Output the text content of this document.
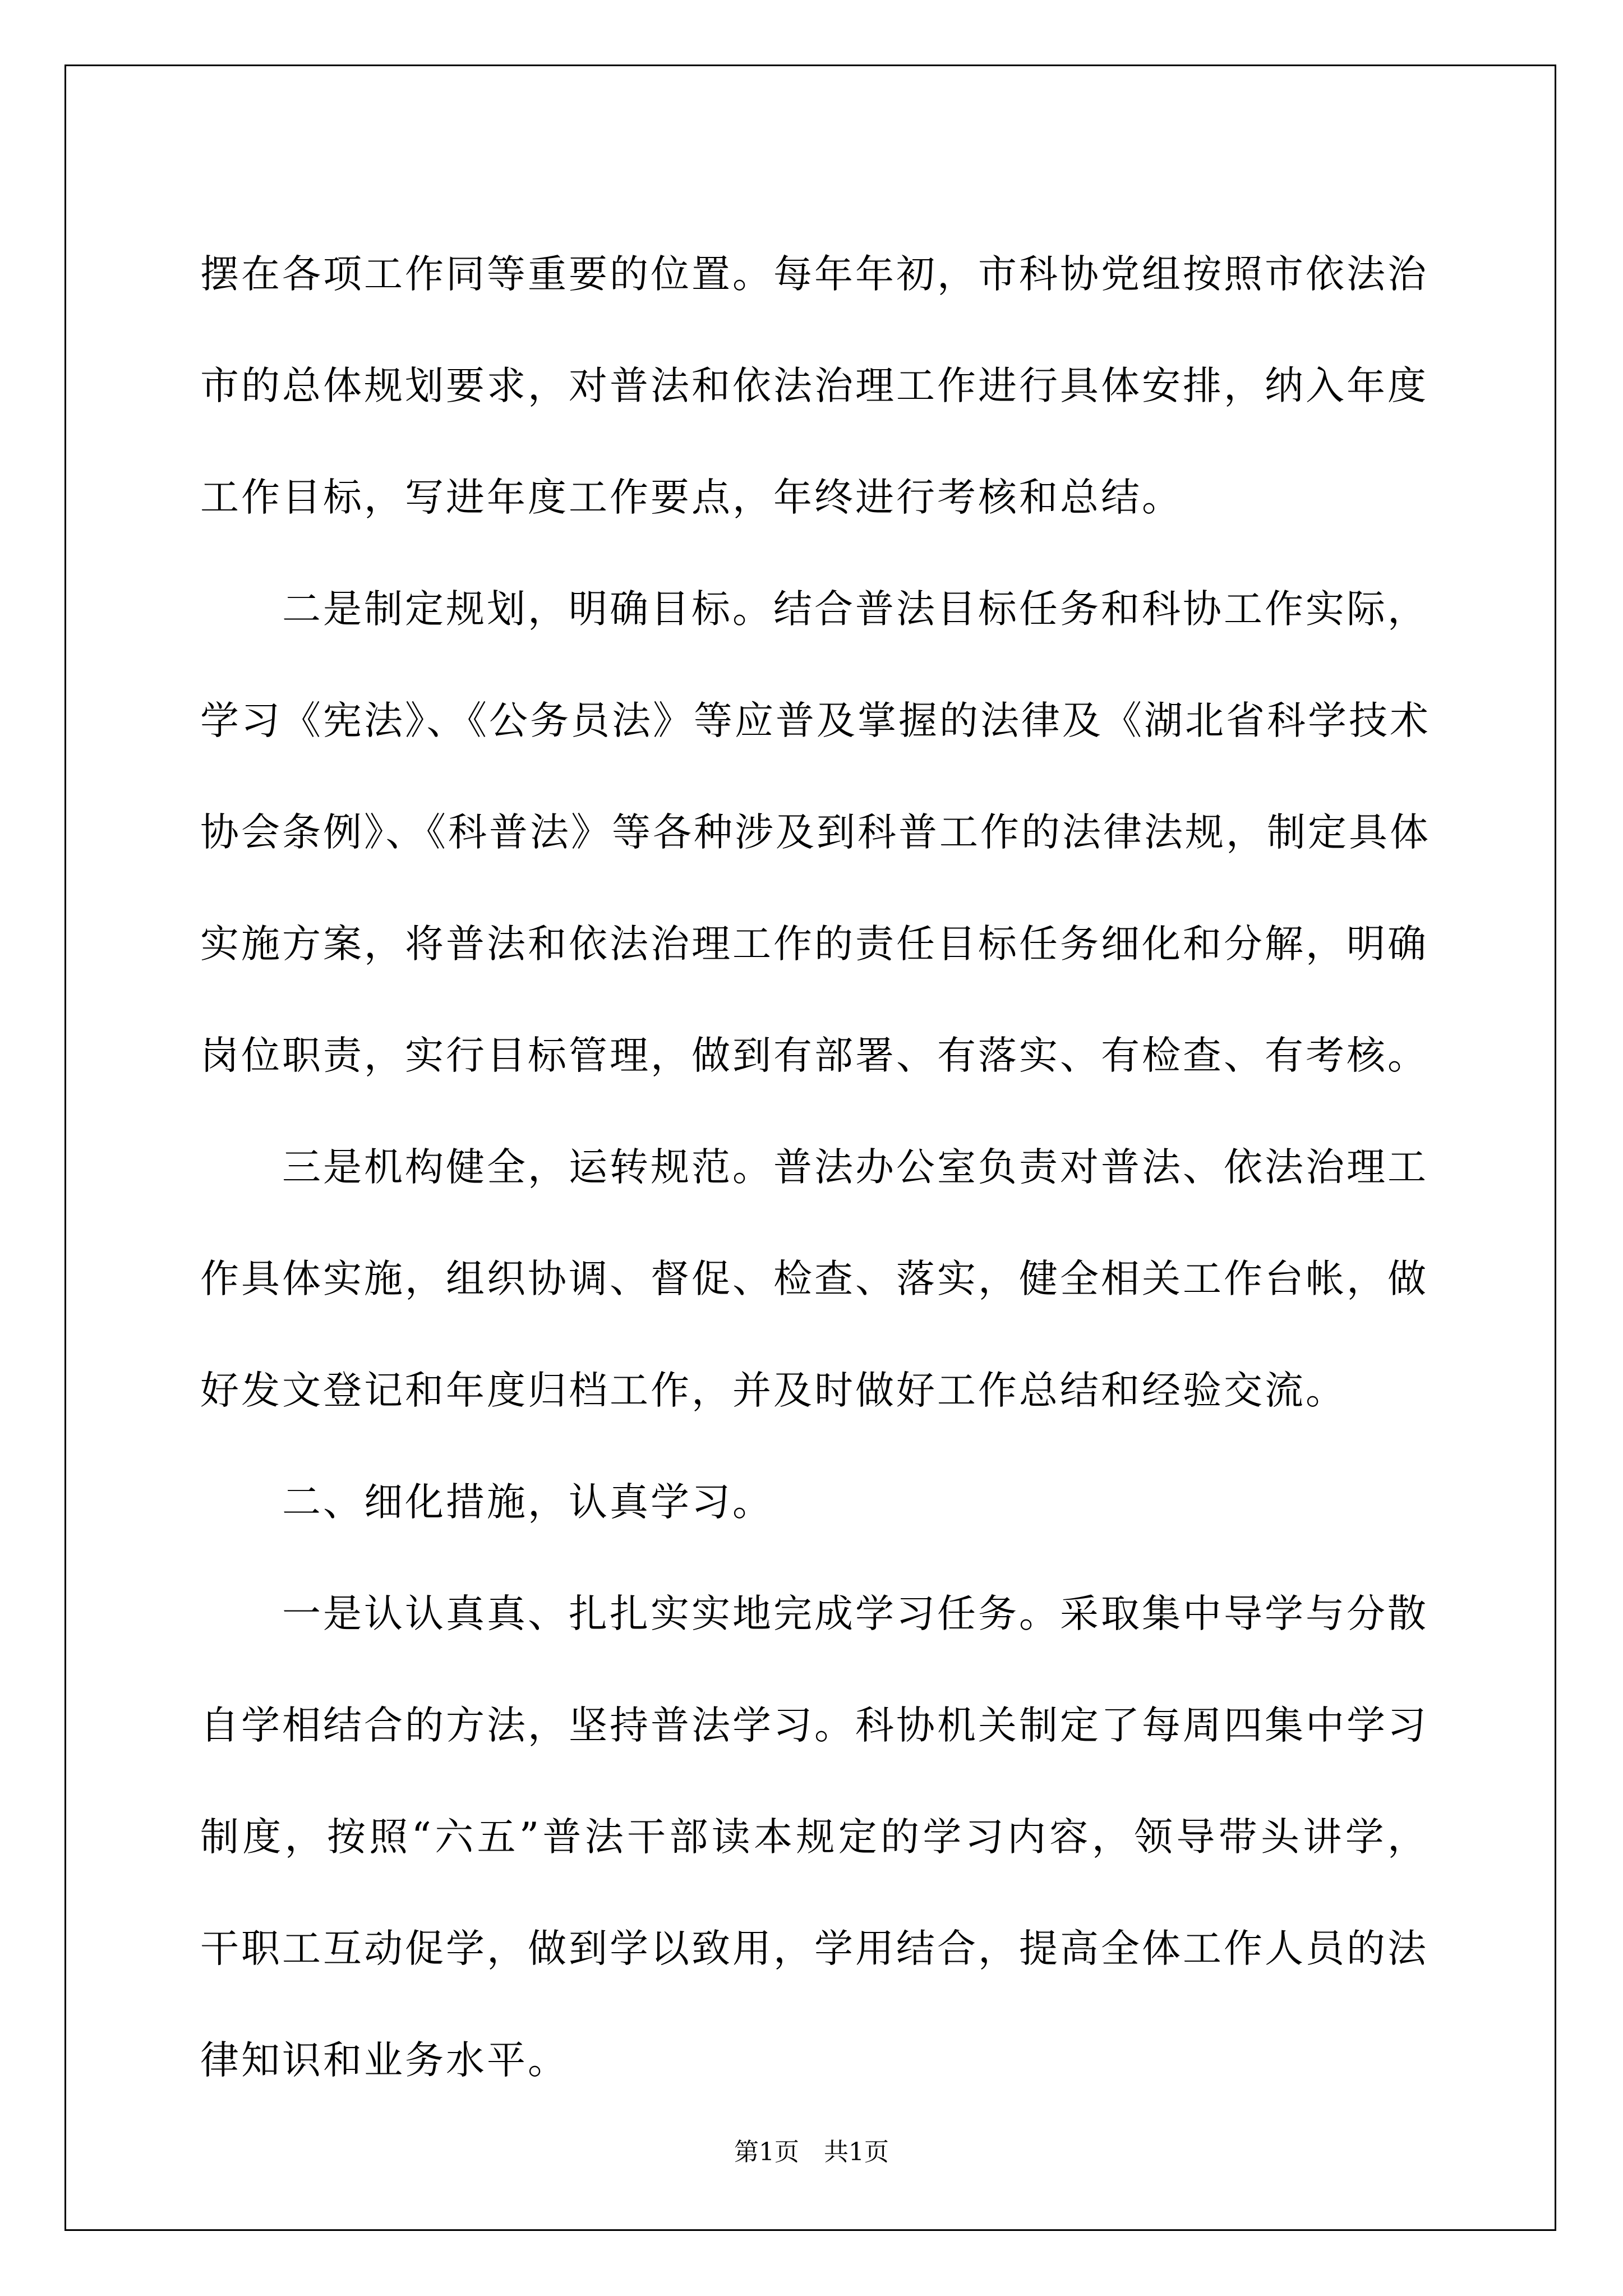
摆在各项工作同等重要的位置。每年年初，市科协党组按照市依法治
市的总体规划要求，对普法和依法治理工作进行具体安排，纳入年度
工作目标，写进年度工作要点，年终进行考核和总结。
　　二是制定规划，明确目标。结合普法目标任务和科协工作实际，
学习《宪法》、《公务员法》等应普及掌握的法律及《湖北省科学技术
协会条例》、《科普法》等各种涉及到科普工作的法律法规，制定具体
实施方案，将普法和依法治理工作的责任目标任务细化和分解，明确
岗位职责，实行目标管理，做到有部署、有落实、有检查、有考核。
　　三是机构健全，运转规范。普法办公室负责对普法、依法治理工
作具体实施，组织协调、督促、检查、落实，健全相关工作台帐，做
好发文登记和年度归档工作，并及时做好工作总结和经验交流。
　　二、细化措施，认真学习。
　　一是认认真真、扎扎实实地完成学习任务。采取集中导学与分散
自学相结合的方法，坚持普法学习。科协机关制定了每周四集中学习
制度，按照“六五”普法干部读本规定的学习内容，领导带头讲学，
干职工互动促学，做到学以致用，学用结合，提高全体工作人员的法
律知识和业务水平。
第1页 共1页
